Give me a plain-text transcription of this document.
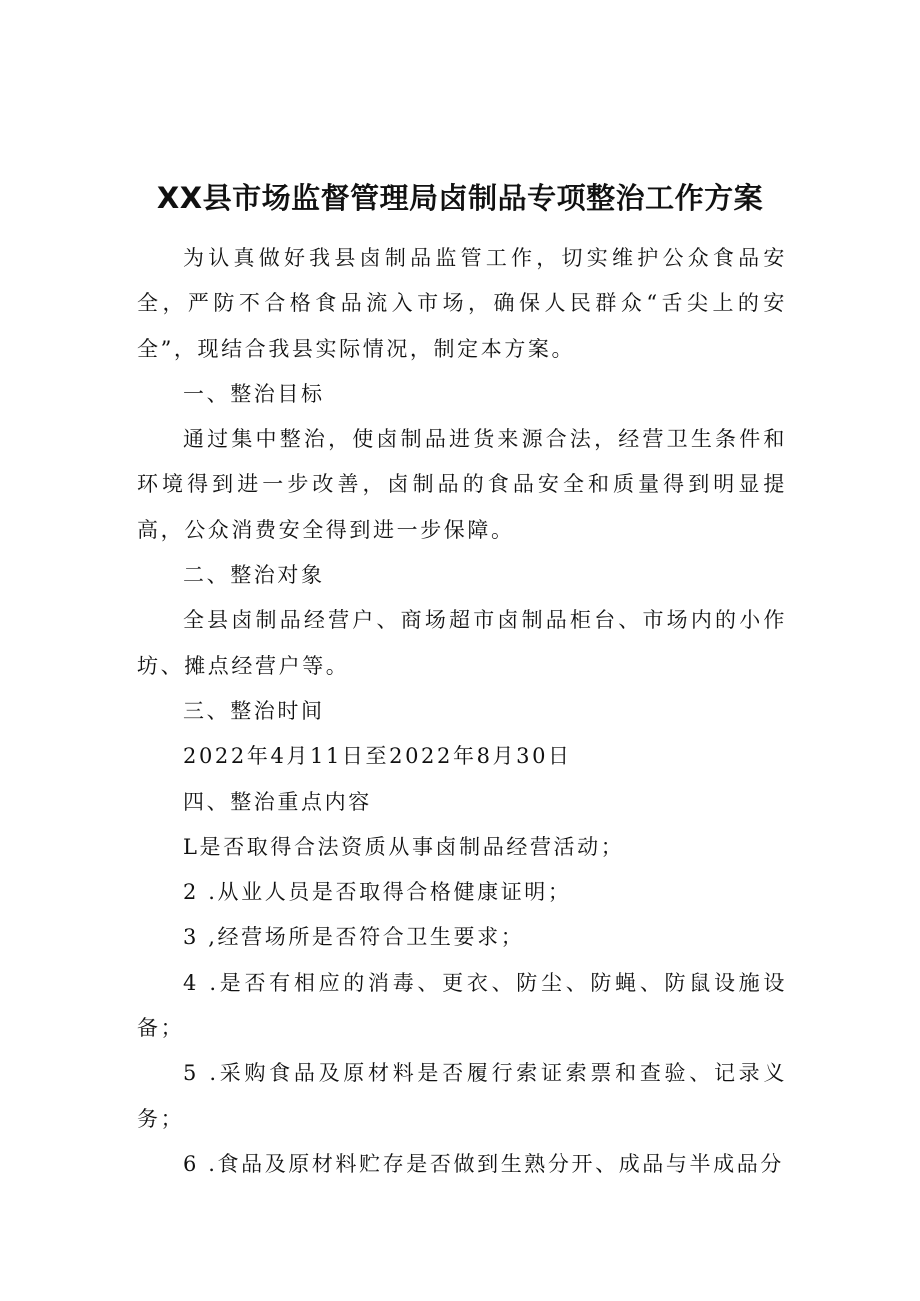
XX县市场监督管理局卤制品专项整治工作方案

为认真做好我县卤制品监管工作，切实维护公众食品安全，严防不合格食品流入市场，确保人民群众“舌尖上的安全”，现结合我县实际情况，制定本方案。

一、整治目标

通过集中整治，使卤制品进货来源合法，经营卫生条件和 环境得到进一步改善，卤制品的食品安全和质量得到明显提高，公众消费安全得到进一步保障。

二、整治对象

全县卤制品经营户、商场超市卤制品柜台、市场内的小作 坊、摊点经营户等。

三、整治时间

2022年4月11日至2022年8月30日

四、整治重点内容

L是否取得合法资质从事卤制品经营活动；

2 .从业人员是否取得合格健康证明；

3 ,经营场所是否符合卫生要求；

4 .是否有相应的消毒、更衣、防尘、防蝇、防鼠设施设备；

5 .采购食品及原材料是否履行索证索票和查验、记录义务；

6 .食品及原材料贮存是否做到生熟分开、成品与半成品分
